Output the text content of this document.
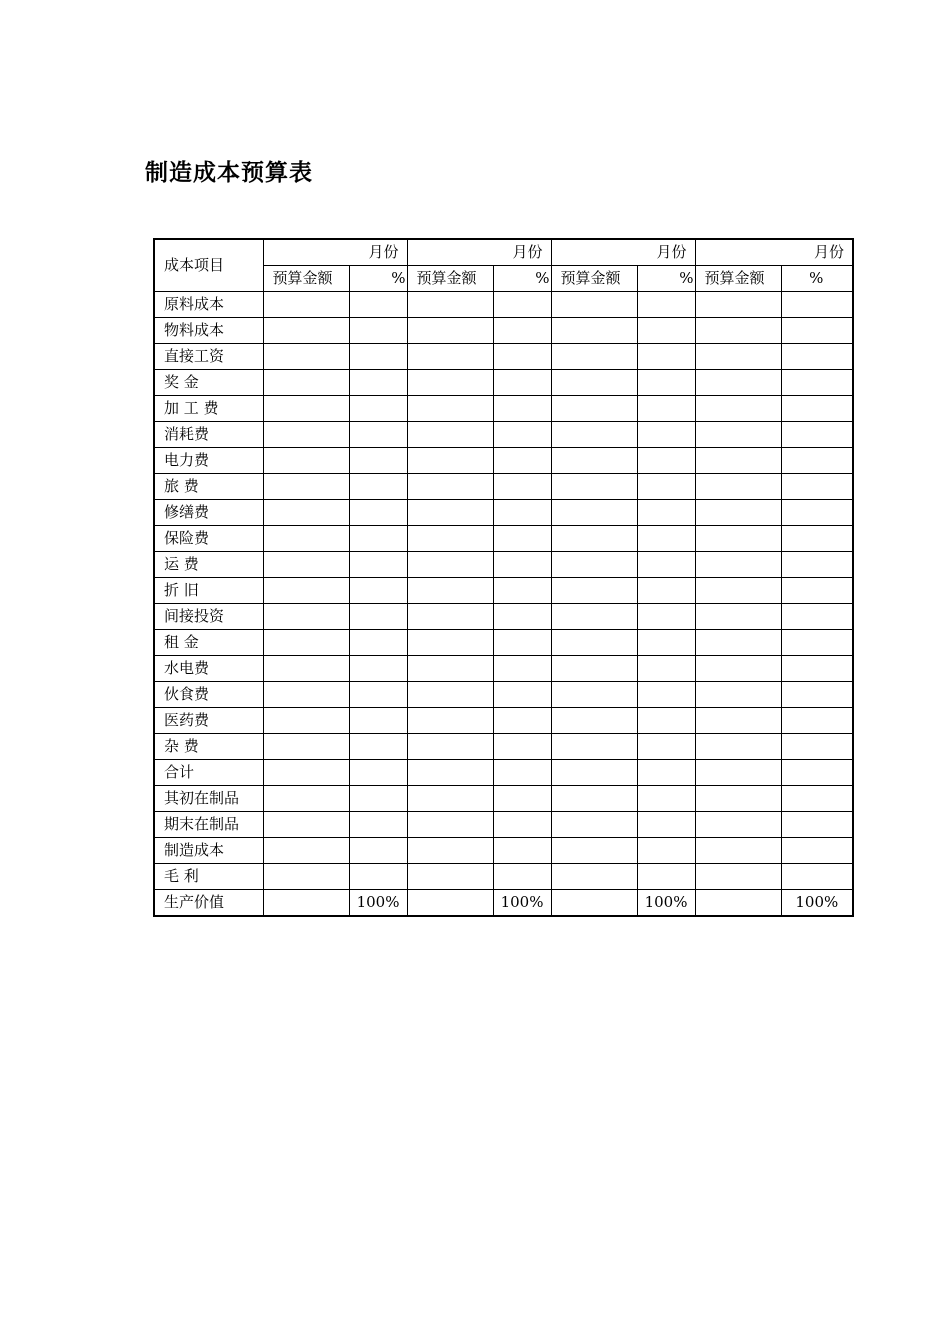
制造成本预算表
成本项目	月份		月份		月份		月份	
	预算金额	%	预算金额	%	预算金额	%	预算金额	%
原料成本								
物料成本								
直接工资								
奖 金								
加 工 费								
消耗费								
电力费								
旅 费								
修缮费								
保险费								
运 费								
折 旧								
间接投资								
租 金								
水电费								
伙食费								
医药费								
杂 费								
合计								
其初在制品								
期末在制品								
制造成本								
毛 利								
生产价值		100%		100%		100%		100%
